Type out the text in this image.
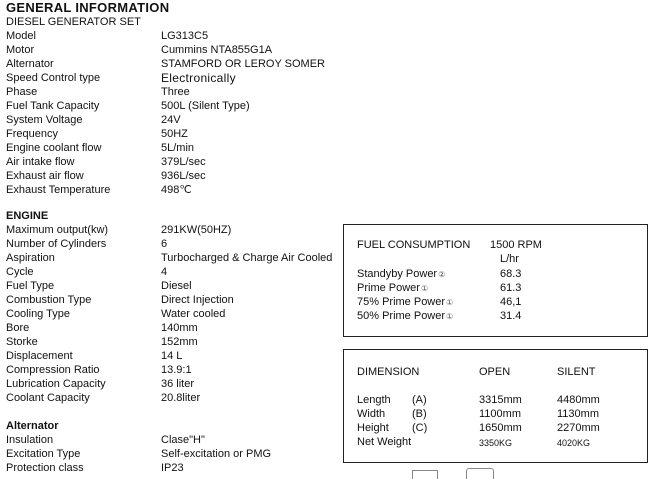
GENERAL INFORMATION
DIESEL GENERATOR SET
Model	LG313C5
Motor	Cummins NTA855G1A
Alternator	STAMFORD OR LEROY SOMER
Speed Control type	Electronically
Phase	Three
Fuel Tank Capacity	500L (Silent Type)
System Voltage	24V
Frequency	50HZ
Engine coolant flow	5L/min
Air intake flow	379L/sec
Exhaust air flow	936L/sec
Exhaust Temperature	498℃
ENGINE
Maximum output(kw)	291KW(50HZ)
Number of Cylinders	6
Aspiration	Turbocharged & Charge Air Cooled
Cycle	4
Fuel Type	Diesel
Combustion Type	Direct Injection
Cooling Type	Water cooled
Bore	140mm
Storke	152mm
Displacement	14 L
Compression Ratio	13.9:1
Lubrication Capacity	36 liter
Coolant Capacity	20.8liter
Alternator
Insulation	Clase"H"
Excitation Type	Self-excitation or PMG
Protection class	IP23
FUEL CONSUMPTION 1500 RPM
L/hr
Standyby Power②	68.3
Prime Power①	61.3
75% Prime Power①	46,1
50% Prime Power①	31.4
DIMENSION	OPEN	SILENT
Length (A)	3315mm	4480mm
Width (B)	1100mm	1130mm
Height (C)	1650mm	2270mm
Net Weight	3350KG	4020KG
